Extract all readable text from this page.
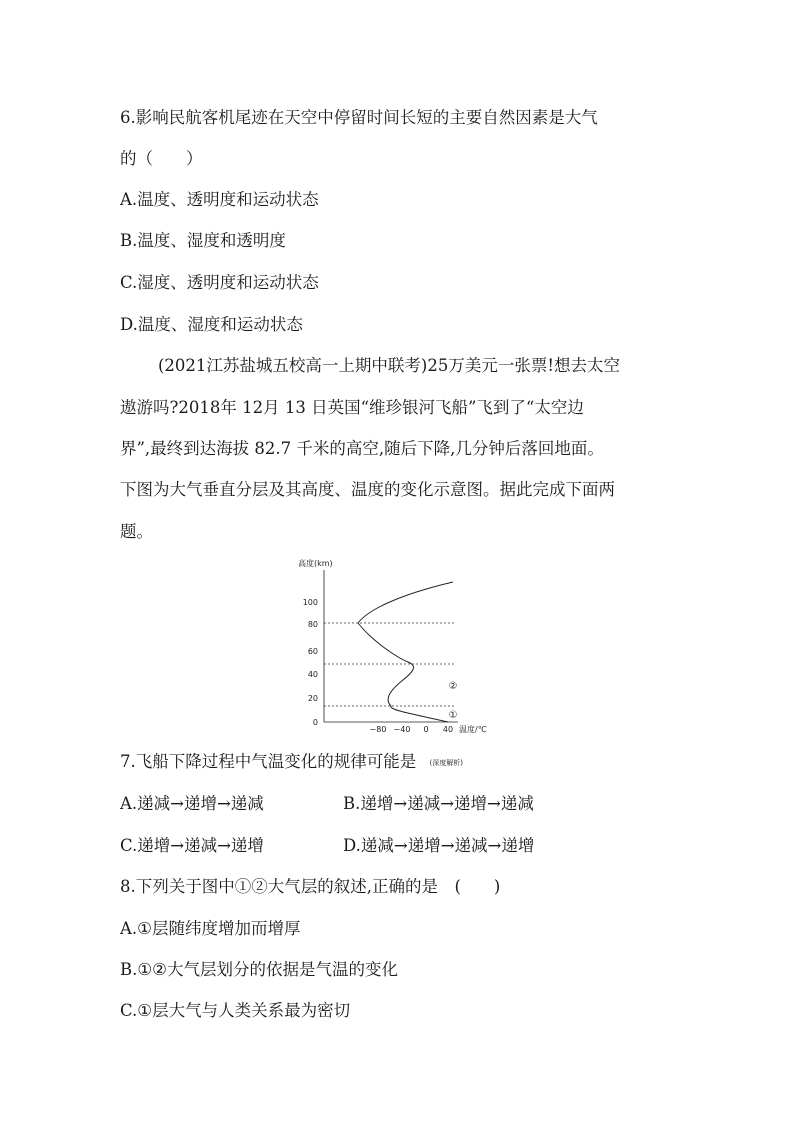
6.影响民航客机尾迹在天空中停留时间长短的主要自然因素是大气
的（　　）
A.温度、透明度和运动状态
B.温度、湿度和透明度
C.湿度、透明度和运动状态
D.温度、湿度和运动状态
(2021江苏盐城五校高一上期中联考)25万美元一张票!想去太空
遨游吗?2018年 12月 13 日英国“维珍银河飞船”飞到了“太空边
界”,最终到达海拔 82.7 千米的高空,随后下降,几分钟后落回地面。
下图为大气垂直分层及其高度、温度的变化示意图。据此完成下面两
题。
高度(km)
100
80
60
40
20
0
②
①
−80 −40 0 40 温度/℃
7.飞船下降过程中气温变化的规律可能是 (深度解析)
A.递减→递增→递减	B.递增→递减→递增→递减
C.递增→递减→递增	D.递减→递增→递减→递增
8.下列关于图中①②大气层的叙述,正确的是　(　　)
A.①层随纬度增加而增厚
B.①②大气层划分的依据是气温的变化
C.①层大气与人类关系最为密切
